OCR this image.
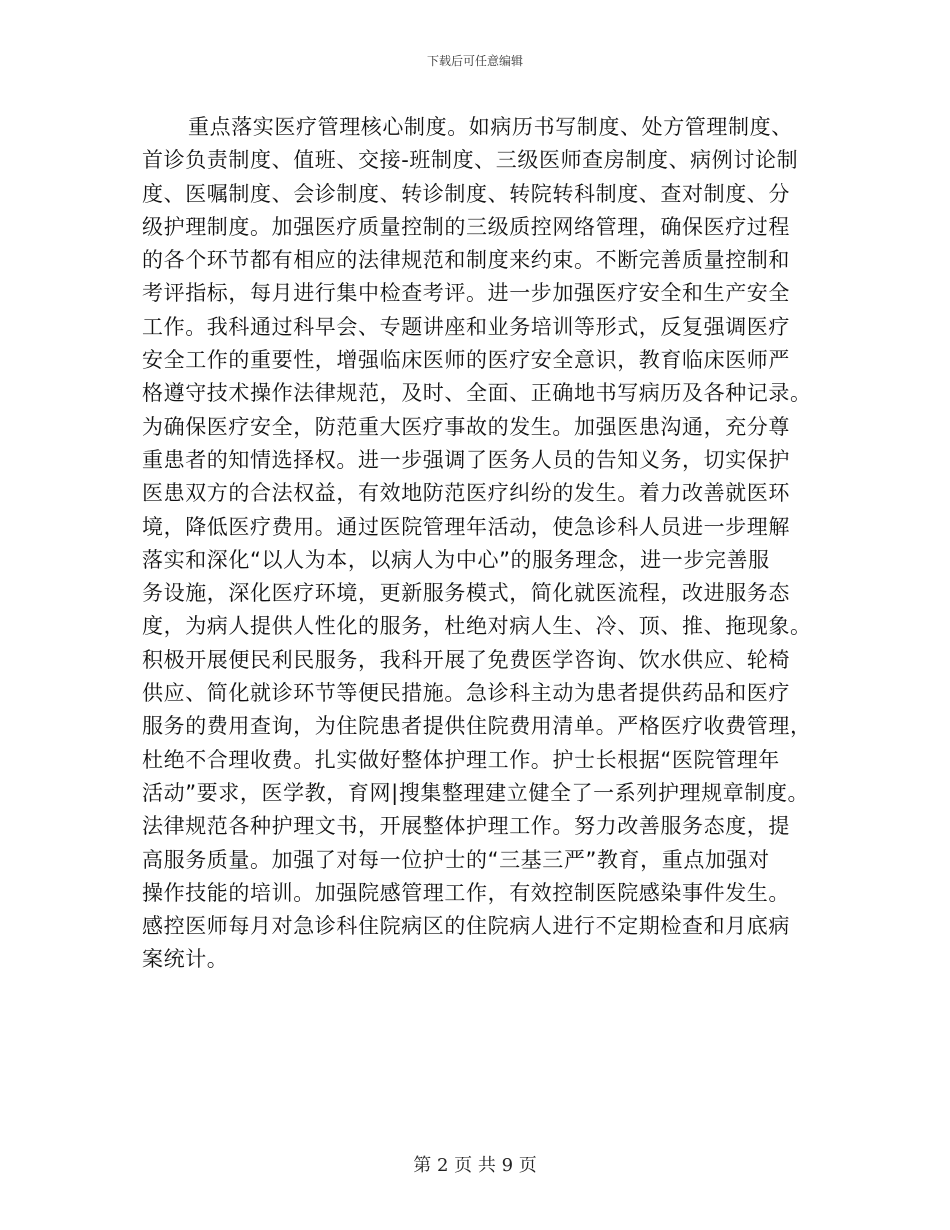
下载后可任意编辑
重点落实医疗管理核心制度。如病历书写制度、处方管理制度、
首诊负责制度、值班、交接-班制度、三级医师查房制度、病例讨论制
度、医嘱制度、会诊制度、转诊制度、转院转科制度、查对制度、分
级护理制度。加强医疗质量控制的三级质控网络管理，确保医疗过程
的各个环节都有相应的法律规范和制度来约束。不断完善质量控制和
考评指标，每月进行集中检查考评。进一步加强医疗安全和生产安全
工作。我科通过科早会、专题讲座和业务培训等形式，反复强调医疗
安全工作的重要性，增强临床医师的医疗安全意识，教育临床医师严
格遵守技术操作法律规范，及时、全面、正确地书写病历及各种记录。
为确保医疗安全，防范重大医疗事故的发生。加强医患沟通，充分尊
重患者的知情选择权。进一步强调了医务人员的告知义务，切实保护
医患双方的合法权益，有效地防范医疗纠纷的发生。着力改善就医环
境，降低医疗费用。通过医院管理年活动，使急诊科人员进一步理解
落实和深化“以人为本，以病人为中心”的服务理念，进一步完善服
务设施，深化医疗环境，更新服务模式，简化就医流程，改进服务态
度，为病人提供人性化的服务，杜绝对病人生、冷、顶、推、拖现象。
积极开展便民利民服务，我科开展了免费医学咨询、饮水供应、轮椅
供应、简化就诊环节等便民措施。急诊科主动为患者提供药品和医疗
服务的费用查询，为住院患者提供住院费用清单。严格医疗收费管理，
杜绝不合理收费。扎实做好整体护理工作。护士长根据“医院管理年
活动”要求，医学教，育网|搜集整理建立健全了一系列护理规章制度。
法律规范各种护理文书，开展整体护理工作。努力改善服务态度，提
高服务质量。加强了对每一位护士的“三基三严”教育，重点加强对
操作技能的培训。加强院感管理工作，有效控制医院感染事件发生。
感控医师每月对急诊科住院病区的住院病人进行不定期检查和月底病
案统计。
第 2 页 共 9 页
